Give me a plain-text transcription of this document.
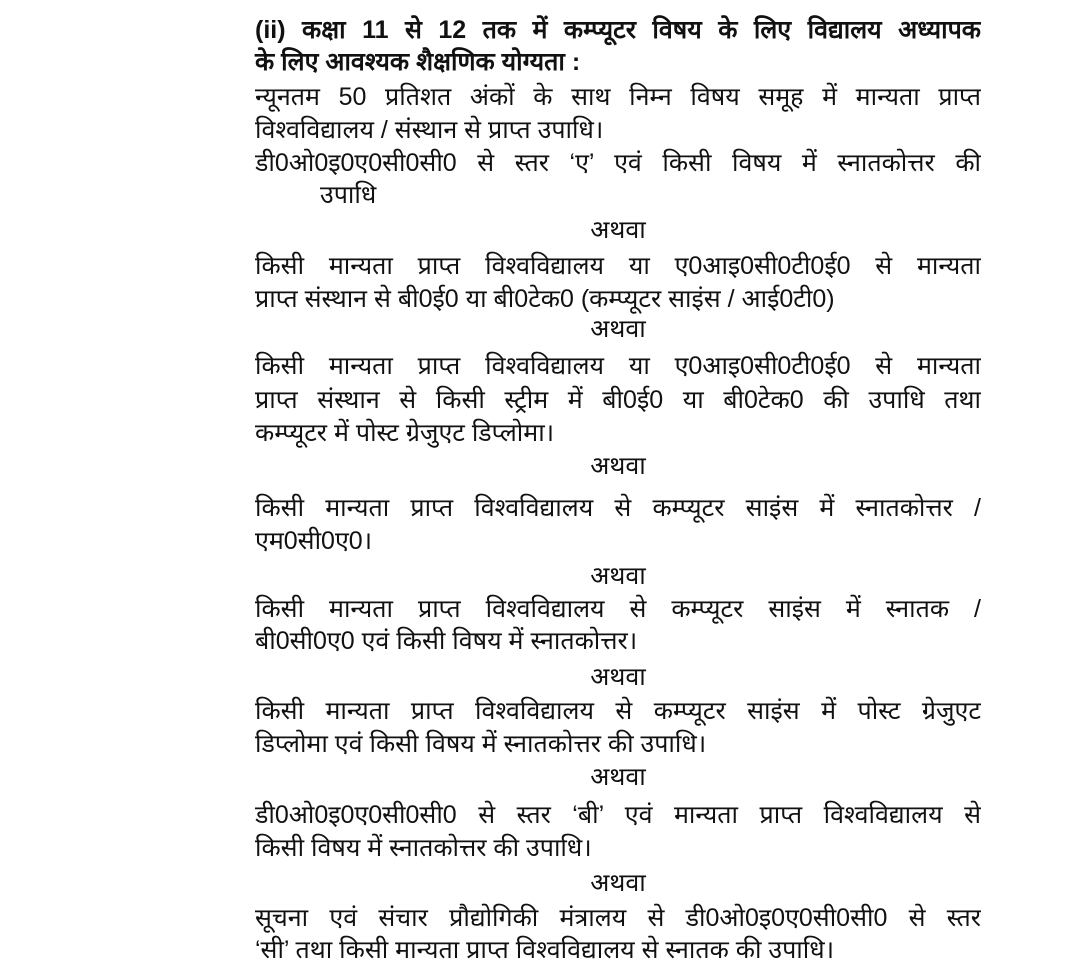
(ii) कक्षा 11 से 12 तक में कम्प्यूटर विषय के लिए विद्यालय अध्यापक
के लिए आवश्यक शैक्षणिक योग्यता :
न्यूनतम 50 प्रतिशत अंकों के साथ निम्न विषय समूह में मान्यता प्राप्त
विश्वविद्यालय / संस्थान से प्राप्त उपाधि।
डी0ओ0इ0ए0सी0सी0 से स्तर ‘ए’ एवं किसी विषय में स्नातकोत्तर की
उपाधि
अथवा
किसी मान्यता प्राप्त विश्वविद्यालय या ए0आइ0सी0टी0ई0 से मान्यता
प्राप्त संस्थान से बी0ई0 या बी0टेक0 (कम्प्यूटर साइंस / आई0टी0)
अथवा
किसी मान्यता प्राप्त विश्वविद्यालय या ए0आइ0सी0टी0ई0 से मान्यता
प्राप्त संस्थान से किसी स्ट्रीम में बी0ई0 या बी0टेक0 की उपाधि तथा
कम्प्यूटर में पोस्ट ग्रेजुएट डिप्लोमा।
अथवा
किसी मान्यता प्राप्त विश्वविद्यालय से कम्प्यूटर साइंस में स्नातकोत्तर /
एम0सी0ए0।
अथवा
किसी मान्यता प्राप्त विश्वविद्यालय से कम्प्यूटर साइंस में स्नातक /
बी0सी0ए0 एवं किसी विषय में स्नातकोत्तर।
अथवा
किसी मान्यता प्राप्त विश्वविद्यालय से कम्प्यूटर साइंस में पोस्ट ग्रेजुएट
डिप्लोमा एवं किसी विषय में स्नातकोत्तर की उपाधि।
अथवा
डी0ओ0इ0ए0सी0सी0 से स्तर ‘बी’ एवं मान्यता प्राप्त विश्वविद्यालय से
किसी विषय में स्नातकोत्तर की उपाधि।
अथवा
सूचना एवं संचार प्रौद्योगिकी मंत्रालय से डी0ओ0इ0ए0सी0सी0 से स्तर
‘सी’ तथा किसी मान्यता प्राप्त विश्वविद्यालय से स्नातक की उपाधि।
